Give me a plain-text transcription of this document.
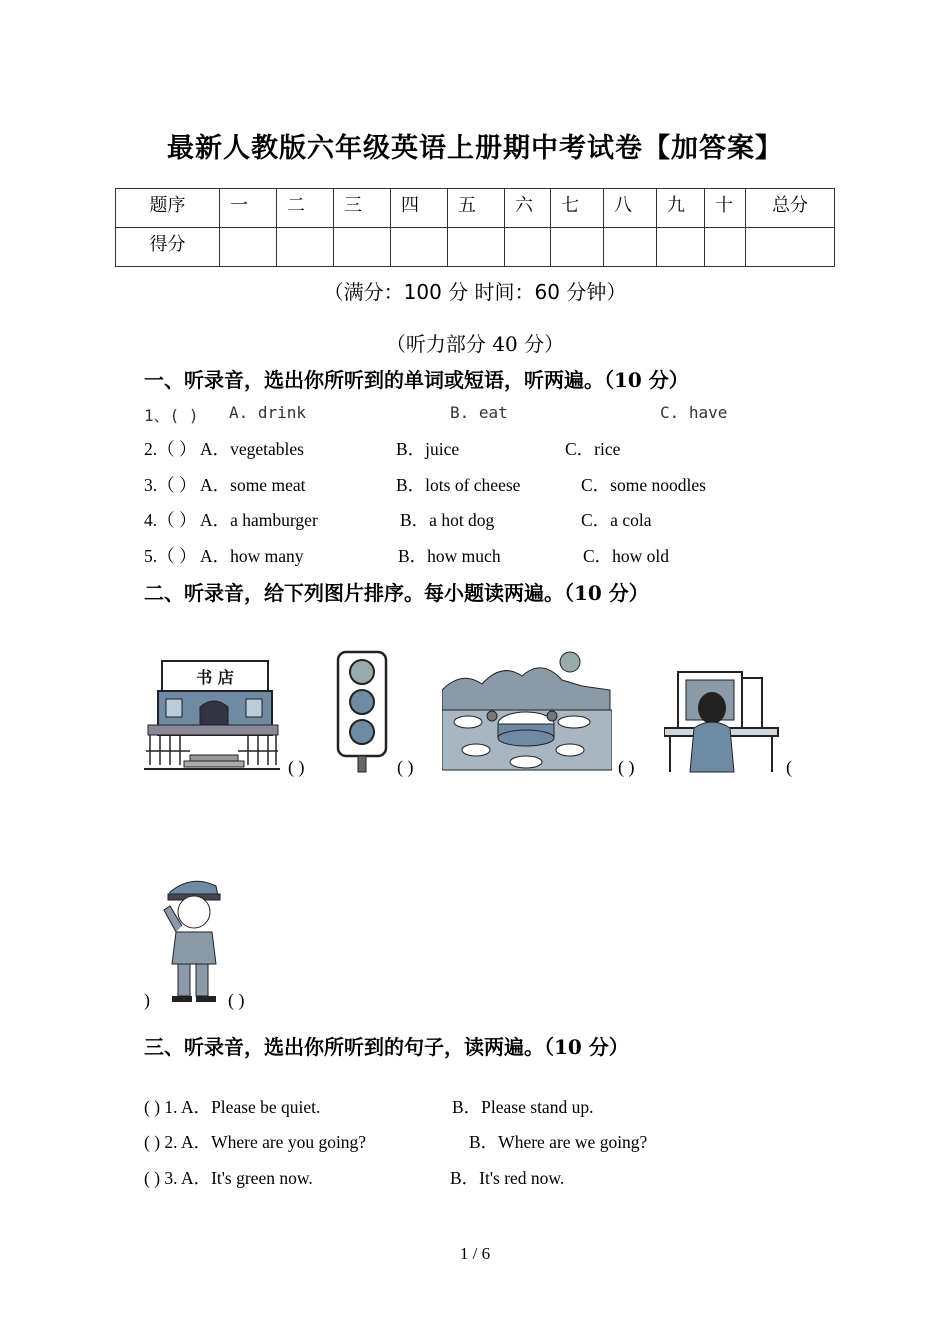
最新人教版六年级英语上册期中考试卷【加答案】
题序	一	二	三	四	五	六	七	八	九	十	总分
得分											
（满分：100 分 时间：60 分钟）
（听力部分 40 分）
一、听录音，选出你所听到的单词或短语，听两遍。（10 分）
1、( ) A. drink	B. eat	C. have
2.（ ） A．vegetables	B．juice	C．rice
3.（ ） A．some meat	B．lots of cheese	C．some noodles
4.（ ） A．a hamburger	B．a hot dog	C．a cola
5.（ ） A．how many	B．how much	C．how old
二、听录音，给下列图片排序。每小题读两遍。（10 分）
书 店
( )	( )	( )	(
)	( )
三、听录音，选出你所听到的句子，读两遍。（10 分）
( ) 1. A．Please be quiet.	B．Please stand up.
( ) 2. A．Where are you going?	B．Where are we going?
( ) 3. A．It's green now.	B．It's red now.
1 / 6
